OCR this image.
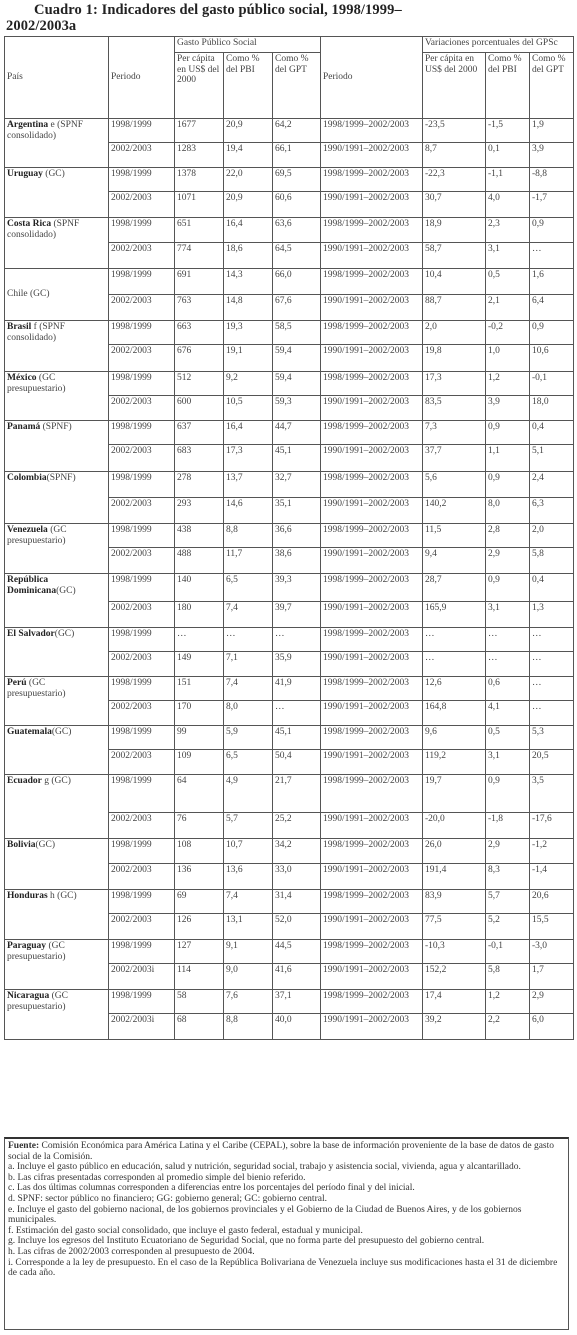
Cuadro 1: Indicadores del gasto público social, 1998/1999–
2002/2003a
País	Periodo	Gasto Público Social			Periodo	Variaciones porcentuales del GPSc		
		Per cápita en US$ del 2000	Como % del PBI	Como % del GPT		Per cápita en US$ del 2000	Como % del PBI	Como % del GPT
Argentina e (SPNF consolidado)	1998/1999	1677	20,9	64,2	1998/1999–2002/2003	-23,5	-1,5	1,9
	2002/2003	1283	19,4	66,1	1990/1991–2002/2003	8,7	0,1	3,9
Uruguay (GC)	1998/1999	1378	22,0	69,5	1998/1999–2002/2003	-22,3	-1,1	-8,8
	2002/2003	1071	20,9	60,6	1990/1991–2002/2003	30,7	4,0	-1,7
Costa Rica (SPNF consolidado)	1998/1999	651	16,4	63,6	1998/1999–2002/2003	18,9	2,3	0,9
	2002/2003	774	18,6	64,5	1990/1991–2002/2003	58,7	3,1	…
Chile (GC)	1998/1999	691	14,3	66,0	1998/1999–2002/2003	10,4	0,5	1,6
	2002/2003	763	14,8	67,6	1990/1991–2002/2003	88,7	2,1	6,4
Brasil f (SPNF consolidado)	1998/1999	663	19,3	58,5	1998/1999–2002/2003	2,0	-0,2	0,9
	2002/2003	676	19,1	59,4	1990/1991–2002/2003	19,8	1,0	10,6
México (GC presupuestario)	1998/1999	512	9,2	59,4	1998/1999–2002/2003	17,3	1,2	-0,1
	2002/2003	600	10,5	59,3	1990/1991–2002/2003	83,5	3,9	18,0
Panamá (SPNF)	1998/1999	637	16,4	44,7	1998/1999–2002/2003	7,3	0,9	0,4
	2002/2003	683	17,3	45,1	1990/1991–2002/2003	37,7	1,1	5,1
Colombia(SPNF)	1998/1999	278	13,7	32,7	1998/1999–2002/2003	5,6	0,9	2,4
	2002/2003	293	14,6	35,1	1990/1991–2002/2003	140,2	8,0	6,3
Venezuela (GC presupuestario)	1998/1999	438	8,8	36,6	1998/1999–2002/2003	11,5	2,8	2,0
	2002/2003	488	11,7	38,6	1990/1991–2002/2003	9,4	2,9	5,8
República Dominicana(GC)	1998/1999	140	6,5	39,3	1998/1999–2002/2003	28,7	0,9	0,4
	2002/2003	180	7,4	39,7	1990/1991–2002/2003	165,9	3,1	1,3
El Salvador(GC)	1998/1999	…	…	…	1998/1999–2002/2003	…	…	…
	2002/2003	149	7,1	35,9	1990/1991–2002/2003	…	…	…
Perú (GC presupuestario)	1998/1999	151	7,4	41,9	1998/1999–2002/2003	12,6	0,6	…
	2002/2003	170	8,0	…	1990/1991–2002/2003	164,8	4,1	…
Guatemala(GC)	1998/1999	99	5,9	45,1	1998/1999–2002/2003	9,6	0,5	5,3
	2002/2003	109	6,5	50,4	1990/1991–2002/2003	119,2	3,1	20,5
Ecuador g (GC)	1998/1999	64	4,9	21,7	1998/1999–2002/2003	19,7	0,9	3,5
	2002/2003	76	5,7	25,2	1990/1991–2002/2003	-20,0	-1,8	-17,6
Bolivia(GC)	1998/1999	108	10,7	34,2	1998/1999–2002/2003	26,0	2,9	-1,2
	2002/2003	136	13,6	33,0	1990/1991–2002/2003	191,4	8,3	-1,4
Honduras h (GC)	1998/1999	69	7,4	31,4	1998/1999–2002/2003	83,9	5,7	20,6
	2002/2003	126	13,1	52,0	1990/1991–2002/2003	77,5	5,2	15,5
Paraguay (GC presupuestario)	1998/1999	127	9,1	44,5	1998/1999–2002/2003	-10,3	-0,1	-3,0
	2002/2003i	114	9,0	41,6	1990/1991–2002/2003	152,2	5,8	1,7
Nicaragua (GC presupuestario)	1998/1999	58	7,6	37,1	1998/1999–2002/2003	17,4	1,2	2,9
	2002/2003i	68	8,8	40,0	1990/1991–2002/2003	39,2	2,2	6,0

Fuente: Comisión Económica para América Latina y el Caribe (CEPAL), sobre la base de información proveniente de la base de datos de gasto social de la Comisión.

a. Incluye el gasto público en educación, salud y nutrición, seguridad social, trabajo y asistencia social, vivienda, agua y alcantarillado.

b. Las cifras presentadas corresponden al promedio simple del bienio referido.

c. Las dos últimas columnas corresponden a diferencias entre los porcentajes del período final y del inicial.

d. SPNF: sector público no financiero; GG: gobierno general; GC: gobierno central.

e. Incluye el gasto del gobierno nacional, de los gobiernos provinciales y el Gobierno de la Ciudad de Buenos Aires, y de los gobiernos municipales.

f. Estimación del gasto social consolidado, que incluye el gasto federal, estadual y municipal.

g. Incluye los egresos del Instituto Ecuatoriano de Seguridad Social, que no forma parte del presupuesto del gobierno central.

h. Las cifras de 2002/2003 corresponden al presupuesto de 2004.

i. Corresponde a la ley de presupuesto. En el caso de la República Bolivariana de Venezuela incluye sus modificaciones hasta el 31 de diciembre de cada año.
